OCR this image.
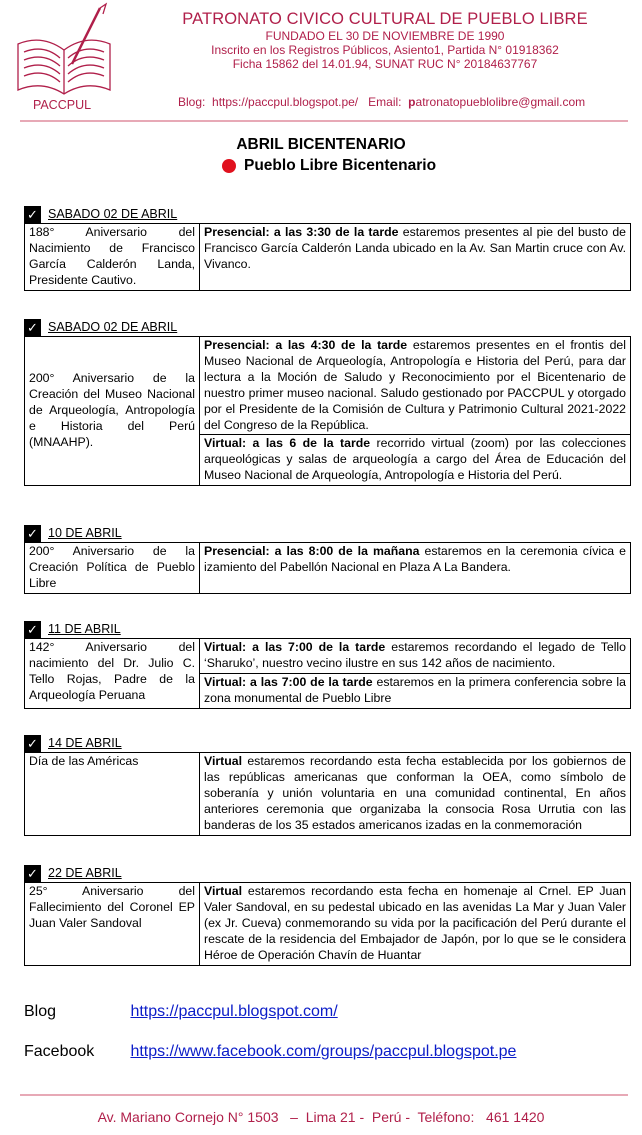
PACCPUL
PATRONATO CIVICO CULTURAL DE PUEBLO LIBRE
FUNDADO EL 30 DE NOVIEMBRE DE 1990
Inscrito en los Registros Públicos, Asiento1, Partida N° 01918362
Ficha 15862 del 14.01.94, SUNAT RUC N° 20184637767
Blog: https://paccpul.blogspot.pe/ Email: patronatopueblolibre@gmail.com
ABRIL BICENTENARIO
Pueblo Libre Bicentenario
✓ SABADO 02 DE ABRIL
188° Aniversario del Nacimiento de Francisco García Calderón Landa, Presidente Cautivo.	Presencial: a las 3:30 de la tarde estaremos presentes al pie del busto de Francisco García Calderón Landa ubicado en la Av. San Martin cruce con Av. Vivanco.
✓ SABADO 02 DE ABRIL
200° Aniversario de la Creación del Museo Nacional de Arqueología, Antropología e Historia del Perú (MNAAHP).	Presencial: a las 4:30 de la tarde estaremos presentes en el frontis del Museo Nacional de Arqueología, Antropología e Historia del Perú, para dar lectura a la Moción de Saludo y Reconocimiento por el Bicentenario de nuestro primer museo nacional. Saludo gestionado por PACCPUL y otorgado por el Presidente de la Comisión de Cultura y Patrimonio Cultural 2021-2022 del Congreso de la República.
Virtual: a las 6 de la tarde recorrido virtual (zoom) por las colecciones arqueológicas y salas de arqueología a cargo del Área de Educación del Museo Nacional de Arqueología, Antropología e Historia del Perú.
✓ 10 DE ABRIL
200° Aniversario de la Creación Política de Pueblo Libre	Presencial: a las 8:00 de la mañana estaremos en la ceremonia cívica e izamiento del Pabellón Nacional en Plaza A La Bandera.
✓ 11 DE ABRIL
142° Aniversario del nacimiento del Dr. Julio C. Tello Rojas, Padre de la Arqueología Peruana	Virtual: a las 7:00 de la tarde estaremos recordando el legado de Tello ‘Sharuko’, nuestro vecino ilustre en sus 142 años de nacimiento.
Virtual: a las 7:00 de la tarde estaremos en la primera conferencia sobre la zona monumental de Pueblo Libre
✓ 14 DE ABRIL
Día de las Américas	Virtual estaremos recordando esta fecha establecida por los gobiernos de las repúblicas americanas que conforman la OEA, como símbolo de soberanía y unión voluntaria en una comunidad continental, En años anteriores ceremonia que organizaba la consocia Rosa Urrutia con las banderas de los 35 estados americanos izadas en la conmemoración
✓ 22 DE ABRIL
25° Aniversario del Fallecimiento del Coronel EP Juan Valer Sandoval	Virtual estaremos recordando esta fecha en homenaje al Crnel. EP Juan Valer Sandoval, en su pedestal ubicado en las avenidas La Mar y Juan Valer (ex Jr. Cueva) conmemorando su vida por la pacificación del Perú durante el rescate de la residencia del Embajador de Japón, por lo que se le considera Héroe de Operación Chavín de Huantar
Blog	https://paccpul.blogspot.com/
Facebook https://www.facebook.com/groups/paccpul.blogspot.pe
Av. Mariano Cornejo N° 1503   –  Lima 21 -  Perú -  Teléfono:   461 1420
